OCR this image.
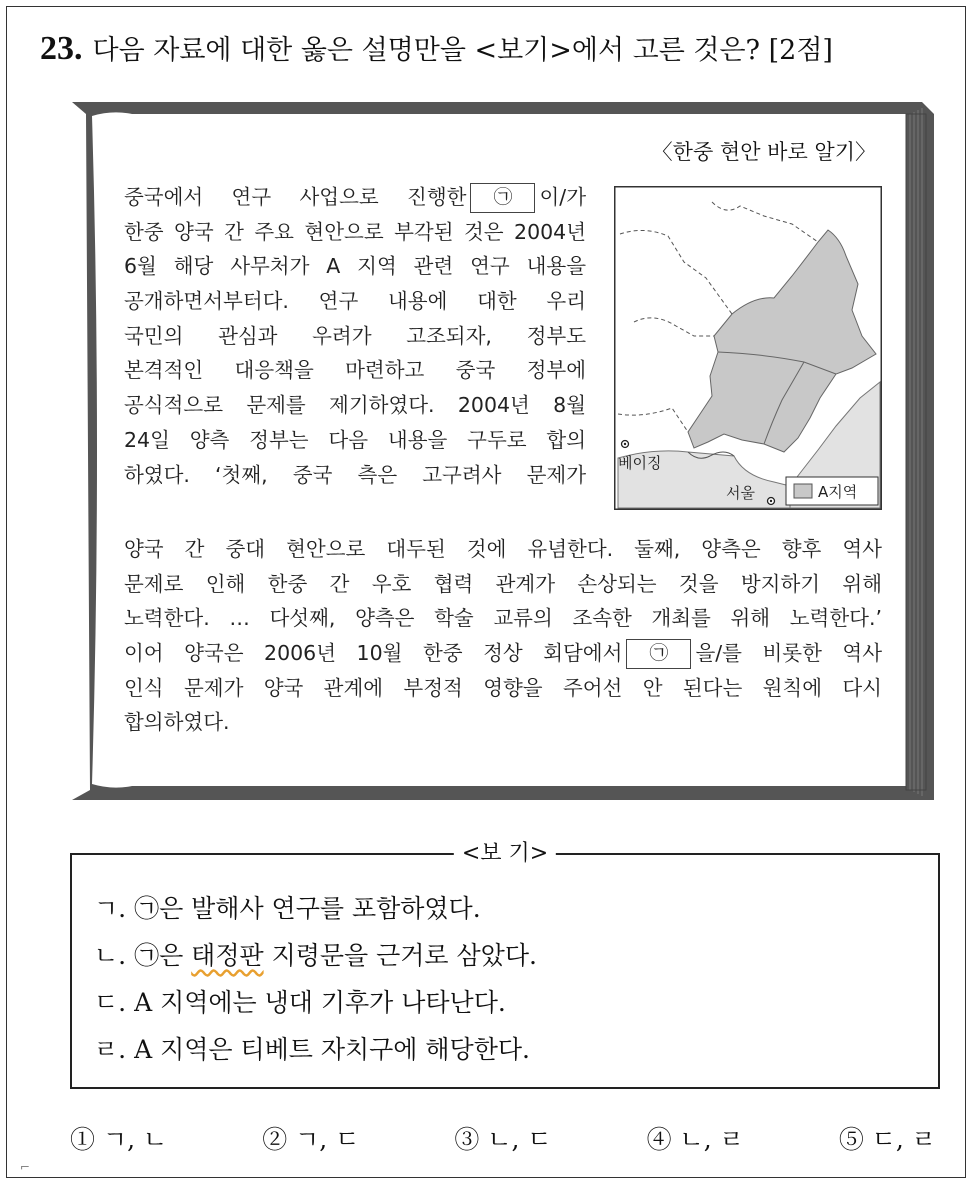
23. 다음 자료에 대한 옳은 설명만을 <보기>에서 고른 것은? [2점]
〈한중 현안 바로 알기〉
중국에서 연구 사업으로 진행한 ㉠ 이/가
한중 양국 간 주요 현안으로 부각된 것은 2004년
6월 해당 사무처가 A 지역 관련 연구 내용을
공개하면서부터다. 연구 내용에 대한 우리
국민의 관심과 우려가 고조되자, 정부도
본격적인 대응책을 마련하고 중국 정부에
공식적으로 문제를 제기하였다. 2004년 8월
24일 양측 정부는 다음 내용을 구두로 합의
하였다. ‘첫째, 중국 측은 고구려사 문제가
양국 간 중대 현안으로 대두된 것에 유념한다. 둘째, 양측은 향후 역사
문제로 인해 한중 간 우호 협력 관계가 손상되는 것을 방지하기 위해
노력한다. … 다섯째, 양측은 학술 교류의 조속한 개최를 위해 노력한다.’
이어 양국은 2006년 10월 한중 정상 회담에서 ㉠ 을/를 비롯한 역사
인식 문제가 양국 관계에 부정적 영향을 주어선 안 된다는 원칙에 다시
합의하였다.
베이징
서울	A지역
<보 기>
ㄱ. ㉠은 발해사 연구를 포함하였다.
ㄴ. ㉠은 태정판 지령문을 근거로 삼았다.
ㄷ. A 지역에는 냉대 기후가 나타난다.
ㄹ. A 지역은 티베트 자치구에 해당한다.
① ㄱ, ㄴ	② ㄱ, ㄷ	③ ㄴ, ㄷ	④ ㄴ, ㄹ	⑤ ㄷ, ㄹ
⌐
